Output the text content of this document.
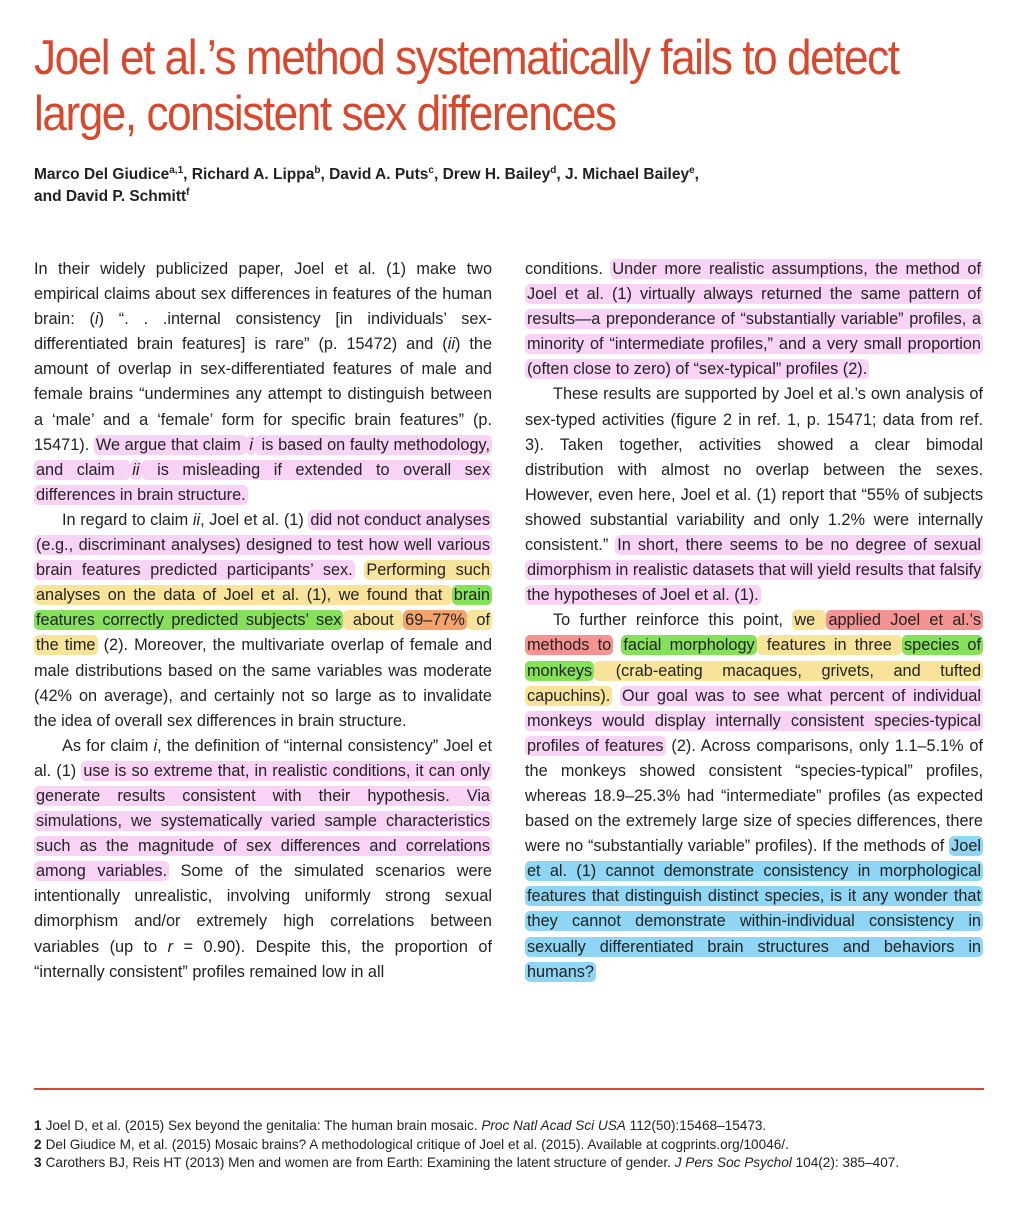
Joel et al.’s method systematically fails to detect large, consistent sex differences
Marco Del Giudice$^{a,1}$, Richard A. Lippa$^b$, David A. Puts$^c$, Drew H. Bailey$^d$, J. Michael Bailey$^e$,
and David P. Schmitt$^f$

In their widely publicized paper, Joel et al. (1) make two empirical claims about sex differences in features of the human brain: (i) “. . .internal consistency [in individuals’ sex-differentiated brain features] is rare” (p. 15472) and (ii) the amount of overlap in sex-differentiated features of male and female brains “undermines any attempt to distinguish between a ‘male’ and a ‘female’ form for specific brain features” (p. 15471). We argue that claim i is based on faulty methodology, and claim ii is misleading if extended to overall sex differences in brain structure.

In regard to claim ii, Joel et al. (1) did not conduct analyses (e.g., discriminant analyses) designed to test how well various brain features predicted participants’ sex. Performing such analyses on the data of Joel et al. (1), we found that brain features correctly predicted subjects’ sex about 69–77% of the time (2). Moreover, the multivariate overlap of female and male distributions based on the same variables was moderate (42% on average), and certainly not so large as to invalidate the idea of overall sex differences in brain structure.

As for claim i, the definition of “internal consistency” Joel et al. (1) use is so extreme that, in realistic conditions, it can only generate results consistent with their hypothesis. Via simulations, we systematically varied sample characteristics such as the magnitude of sex differences and correlations among variables. Some of the simulated scenarios were intentionally unrealistic, involving uniformly strong sexual dimorphism and/or extremely high correlations between variables (up to r = 0.90). Despite this, the proportion of “internally consistent” profiles remained low in all

conditions. Under more realistic assumptions, the method of Joel et al. (1) virtually always returned the same pattern of results—a preponderance of “substantially variable” profiles, a minority of “intermediate profiles,” and a very small proportion (often close to zero) of “sex-typical” profiles (2).

These results are supported by Joel et al.’s own analysis of sex-typed activities (figure 2 in ref. 1, p. 15471; data from ref. 3). Taken together, activities showed a clear bimodal distribution with almost no overlap between the sexes. However, even here, Joel et al. (1) report that “55% of subjects showed substantial variability and only 1.2% were internally consistent.” In short, there seems to be no degree of sexual dimorphism in realistic datasets that will yield results that falsify the hypotheses of Joel et al. (1).

To further reinforce this point, we applied Joel et al.’s methods to facial morphology features in three species of monkeys (crab-eating macaques, grivets, and tufted capuchins). Our goal was to see what percent of individual monkeys would display internally consistent species-typical profiles of features (2). Across comparisons, only 1.1–5.1% of the monkeys showed consistent “species-typical” profiles, whereas 18.9–25.3% had “intermediate” profiles (as expected based on the extremely large size of species differences, there were no “substantially variable” profiles). If the methods of Joel et al. (1) cannot demonstrate consistency in morphological features that distinguish distinct species, is it any wonder that they cannot demonstrate within-individual consistency in sexually differentiated brain structures and behaviors in humans?

1 Joel D, et al. (2015) Sex beyond the genitalia: The human brain mosaic. Proc Natl Acad Sci USA 112(50):15468–15473.

2 Del Giudice M, et al. (2015) Mosaic brains? A methodological critique of Joel et al. (2015). Available at cogprints.org/10046/.

3 Carothers BJ, Reis HT (2013) Men and women are from Earth: Examining the latent structure of gender. J Pers Soc Psychol 104(2): 385–407.
